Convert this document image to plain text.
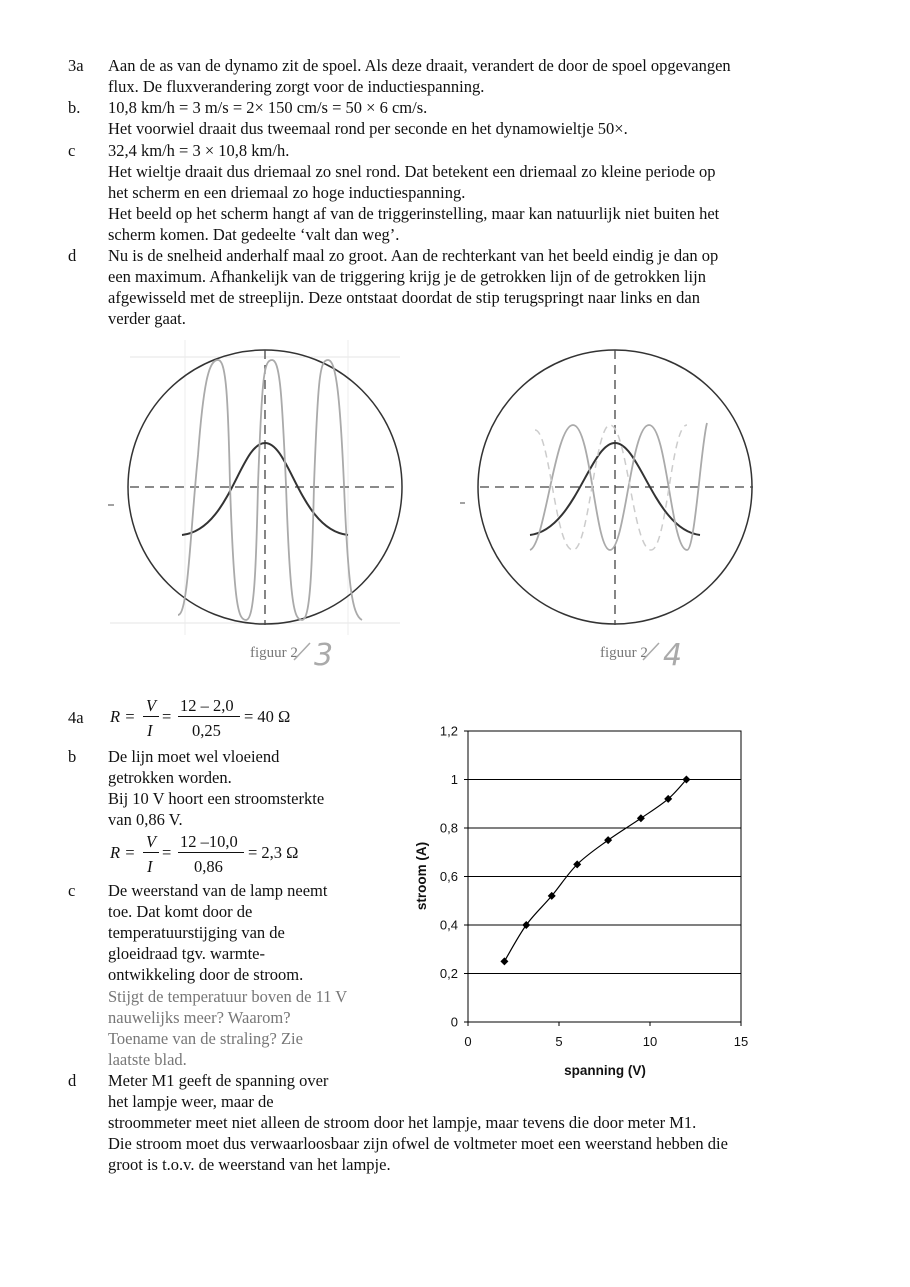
3a Aan de as van de dynamo zit de spoel. Als deze draait, verandert de door de spoel opgevangen
flux. De fluxverandering zorgt voor de inductiespanning.
b. 10,8 km/h = 3 m/s = 2× 150 cm/s = 50 × 6 cm/s.
Het voorwiel draait dus tweemaal rond per seconde en het dynamowieltje 50×.
c 32,4 km/h = 3 × 10,8 km/h.
Het wieltje draait dus driemaal zo snel rond. Dat betekent een driemaal zo kleine periode op
het scherm en een driemaal zo hoge inductiespanning.
Het beeld op het scherm hangt af van de triggerinstelling, maar kan natuurlijk niet buiten het
scherm komen. Dat gedeelte ‘valt dan weg’.
d Nu is de snelheid anderhalf maal zo groot. Aan de rechterkant van het beeld eindig je dan op
een maximum. Afhankelijk van de triggering krijg je de getrokken lijn of de getrokken lijn
afgewisseld met de streeplijn. Deze ontstaat doordat de stip terugspringt naar links en dan
verder gaat.
figuur 2 3	figuur 2 4
4a R =
V
I
=
12 – 2,0
0,25
= 40 Ω
b De lijn moet wel vloeiend
getrokken worden.
Bij 10 V hoort een stroomsterkte
van 0,86 V.
R =
V
I
=
12 –10,0
0,86
= 2,3 Ω
c De weerstand van de lamp neemt
toe. Dat komt door de
temperatuurstijging van de
gloeidraad tgv. warmte-
ontwikkeling door de stroom.
Stijgt de temperatuur boven de 11 V
nauwelijks meer? Waarom?
Toename van de straling? Zie
laatste blad.
d Meter M1 geeft de spanning over
het lampje weer, maar de
stroommeter meet niet alleen de stroom door het lampje, maar tevens die door meter M1.
Die stroom moet dus verwaarloosbaar zijn ofwel de voltmeter moet een weerstand hebben die
groot is t.o.v. de weerstand van het lampje.
0
0,2
0,4
0,6
0,8
1
1,2
0	5	10	15
spanning (V)
stroom (A)
